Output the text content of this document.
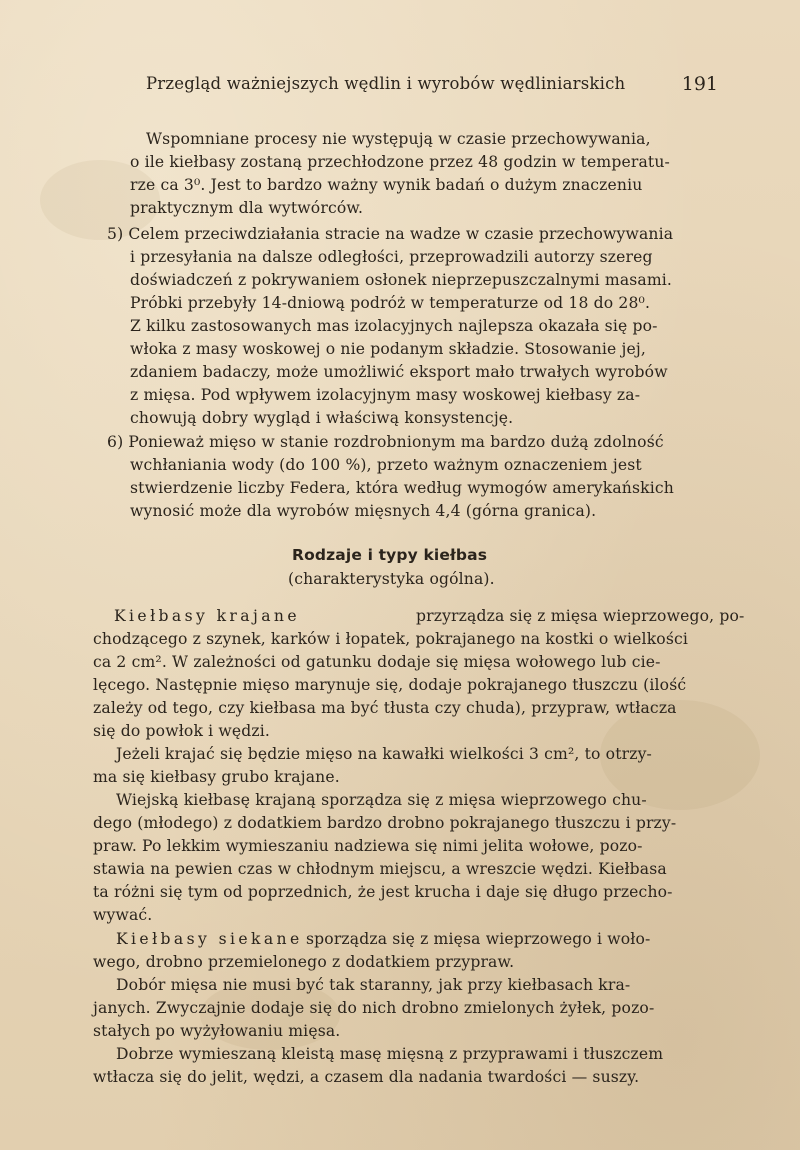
Przegląd ważniejszych wędlin i wyrobów wędliniarskich	191
Wspomniane procesy nie występują w czasie przechowywania,
o ile kiełbasy zostaną przechłodzone przez 48 godzin w temperatu-
rze ca 3⁰. Jest to bardzo ważny wynik badań o dużym znaczeniu
praktycznym dla wytwórców.
5) Celem przeciwdziałania stracie na wadze w czasie przechowywania
i przesyłania na dalsze odległości, przeprowadzili autorzy szereg
doświadczeń z pokrywaniem osłonek nieprzepuszczalnymi masami.
Próbki przebyły 14-dniową podróż w temperaturze od 18 do 28⁰.
Z kilku zastosowanych mas izolacyjnych najlepsza okazała się po-
włoka z masy woskowej o nie podanym składzie. Stosowanie jej,
zdaniem badaczy, może umożliwić eksport mało trwałych wyrobów
z mięsa. Pod wpływem izolacyjnym masy woskowej kiełbasy za-
chowują dobry wygląd i właściwą konsystencję.
6) Ponieważ mięso w stanie rozdrobnionym ma bardzo dużą zdolność
wchłaniania wody (do 100 %), przeto ważnym oznaczeniem jest
stwierdzenie liczby Federa, która według wymogów amerykańskich
wynosić może dla wyrobów mięsnych 4,4 (górna granica).
Rodzaje i typy kiełbas
(charakterystyka ogólna).
Kiełbasy krajane	przyrządza się z mięsa wieprzowego, po-
chodzącego z szynek, karków i łopatek, pokrajanego na kostki o wielkości
ca 2 cm². W zależności od gatunku dodaje się mięsa wołowego lub cie-
lęcego. Następnie mięso marynuje się, dodaje pokrajanego tłuszczu (ilość
zależy od tego, czy kiełbasa ma być tłusta czy chuda), przypraw, wtłacza
się do powłok i wędzi.
Jeżeli krajać się będzie mięso na kawałki wielkości 3 cm², to otrzy-
ma się kiełbasy grubo krajane.
Wiejską kiełbasę krajaną sporządza się z mięsa wieprzowego chu-
dego (młodego) z dodatkiem bardzo drobno pokrajanego tłuszczu i przy-
praw. Po lekkim wymieszaniu nadziewa się nimi jelita wołowe, pozo-
stawia na pewien czas w chłodnym miejscu, a wreszcie wędzi. Kiełbasa
ta różni się tym od poprzednich, że jest krucha i daje się długo przecho-
wywać.
Kiełbasy siekane sporządza się z mięsa wieprzowego i woło-
wego, drobno przemielonego z dodatkiem przypraw.
Dobór mięsa nie musi być tak staranny, jak przy kiełbasach kra-
janych. Zwyczajnie dodaje się do nich drobno zmielonych żyłek, pozo-
stałych po wyżyłowaniu mięsa.
Dobrze wymieszaną kleistą masę mięsną z przyprawami i tłuszczem
wtłacza się do jelit, wędzi, a czasem dla nadania twardości — suszy.
